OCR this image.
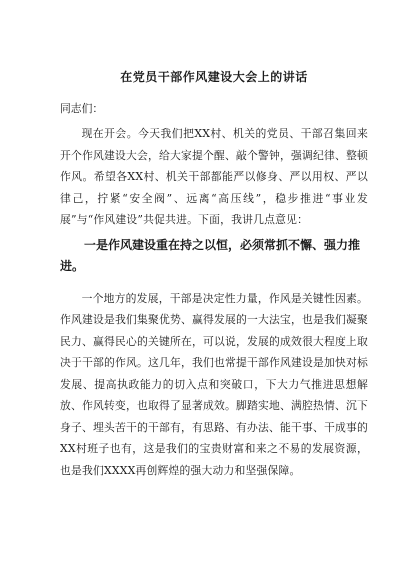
在党员干部作风建设大会上的讲话
同志们：

现在开会。今天我们把XX村、机关的党员、干部召集回来开个作风建设大会，给大家提个醒、敲个警钟，强调纪律、整顿作风。希望各XX村、机关干部都能严以修身、严以用权、严以律己，拧紧“安全阀”、远离“高压线”，稳步推进“事业发展”与“作风建设”共促共进。下面，我讲几点意见：

一是作风建设重在持之以恒，必须常抓不懈、强力推进。

一个地方的发展，干部是决定性力量，作风是关键性因素。作风建设是我们集聚优势、赢得发展的一大法宝，也是我们凝聚民力、赢得民心的关键所在，可以说，发展的成效很大程度上取决于干部的作风。这几年，我们也常提干部作风建设是加快对标发展、提高执政能力的切入点和突破口，下大力气推进思想解放、作风转变，也取得了显著成效。脚踏实地、满腔热情、沉下身子、埋头苦干的干部有，有思路、有办法、能干事、干成事的XX村班子也有，这是我们的宝贵财富和来之不易的发展资源，也是我们XXXX再创辉煌的强大动力和坚强保障。
